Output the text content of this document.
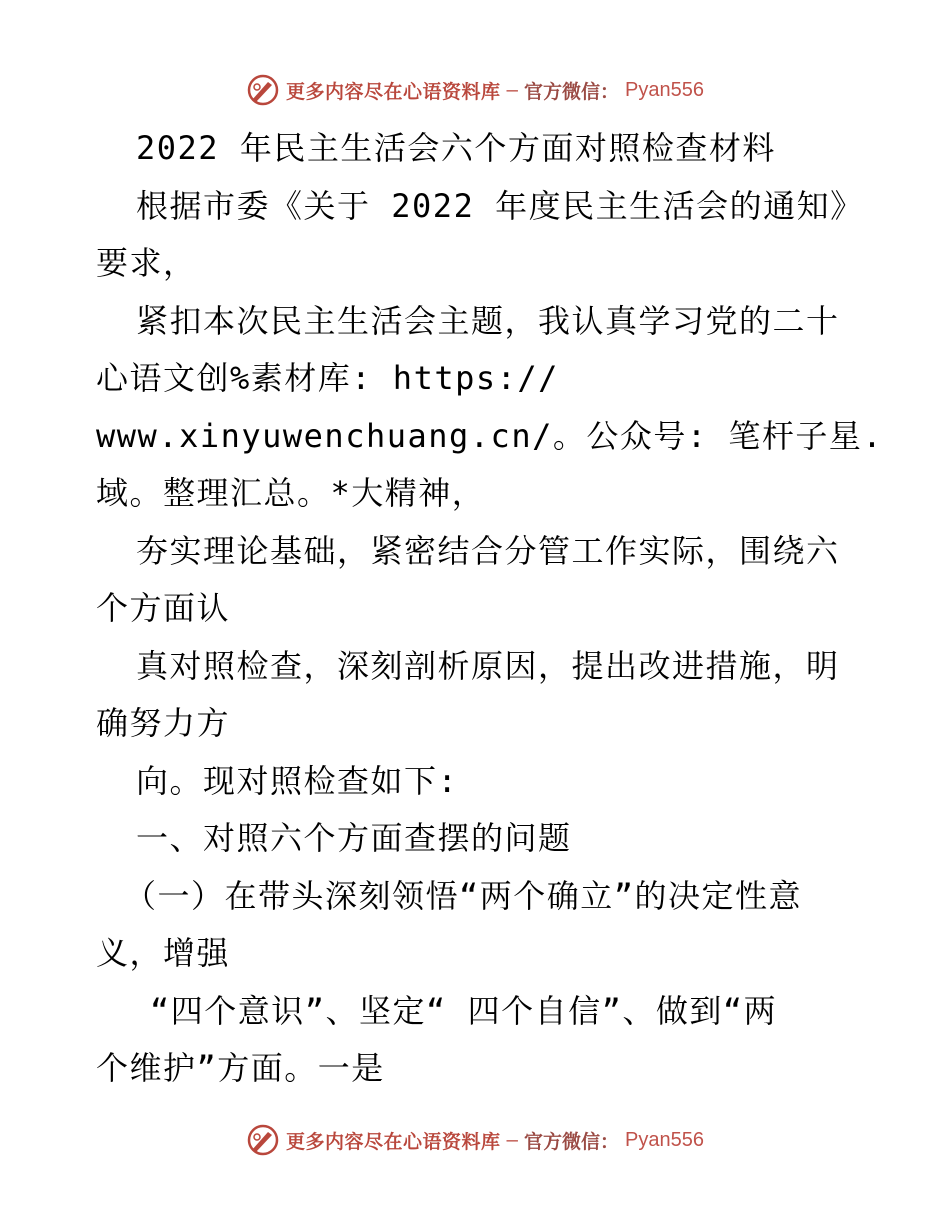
更多内容尽在心语资料库 — 官方微信： Pyan556
2022 年民主生活会六个方面对照检查材料
根据市委《关于 2022 年度民主生活会的通知》
要求，
紧扣本次民主生活会主题，我认真学习党的二十
心语文创%素材库: https://
www.xinyuwenchuang.cn/。公众号: 笔杆子星.
域。整理汇总。*大精神，
夯实理论基础，紧密结合分管工作实际，围绕六
个方面认
真对照检查，深刻剖析原因，提出改进措施，明
确努力方
向。现对照检查如下:
一、对照六个方面查摆的问题
（一）在带头深刻领悟“两个确立”的决定性意
义，增强
“四个意识”、坚定“ 四个自信”、做到“两
个维护”方面。一是
更多内容尽在心语资料库 — 官方微信： Pyan556
